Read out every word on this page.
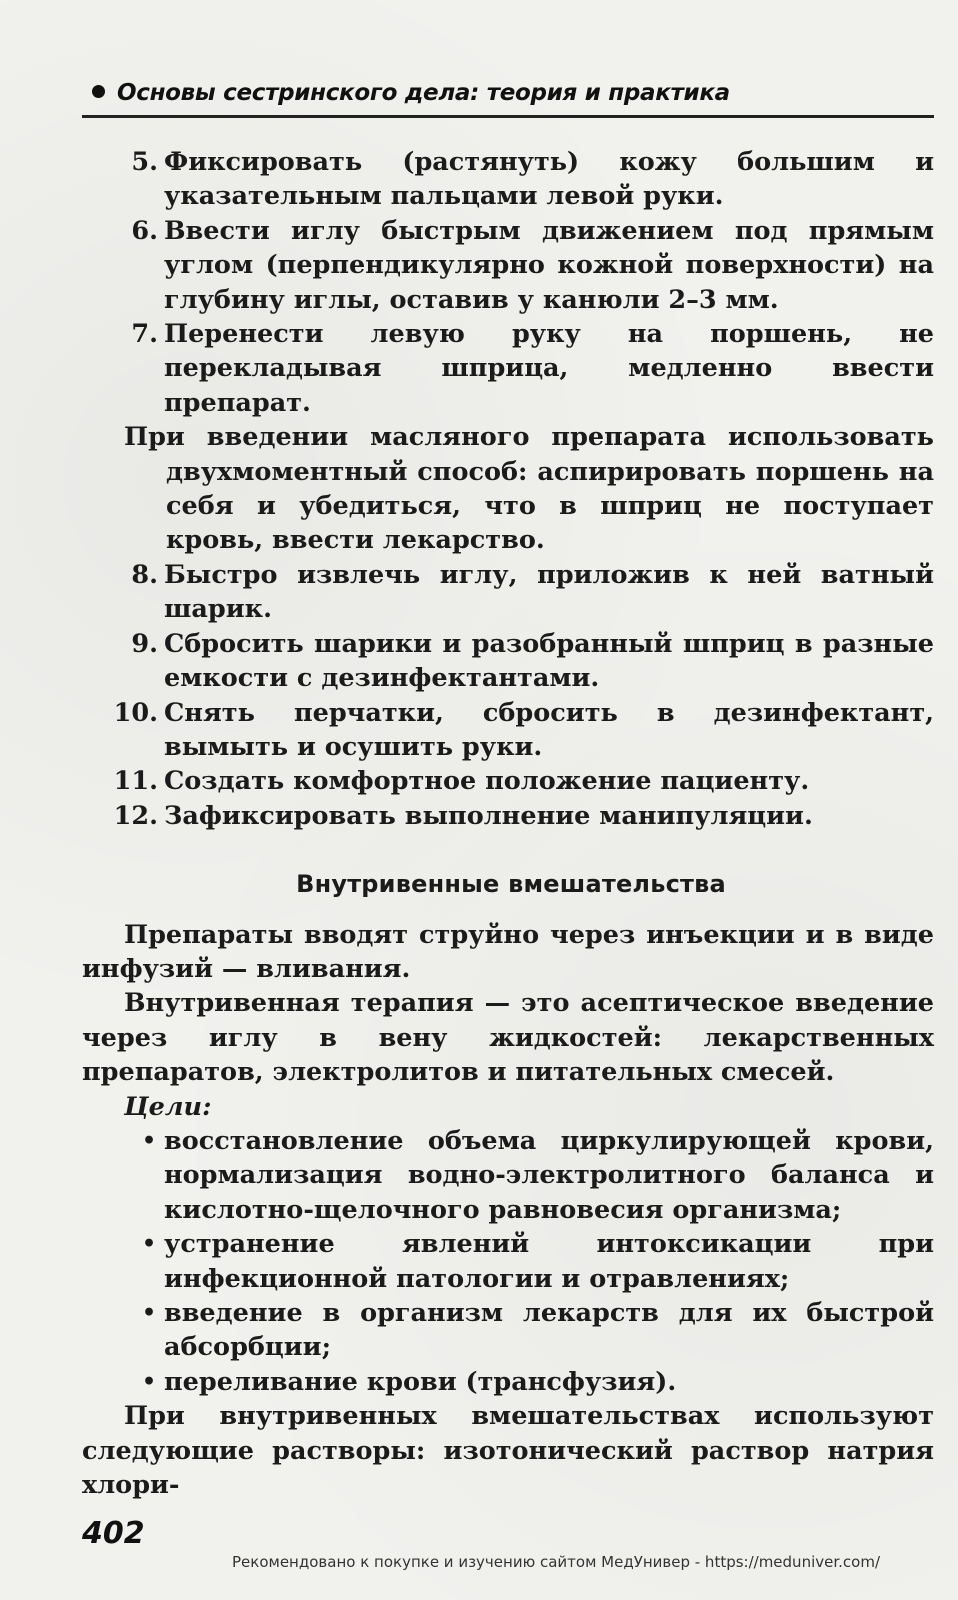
Основы сестринского дела: теория и практика
5. Фиксировать (растянуть) кожу большим и указательным пальцами левой руки.
6. Ввести иглу быстрым движением под прямым углом (перпендикулярно кожной поверхности) на глубину иглы, оставив у канюли 2–3 мм.
7. Перенести левую руку на поршень, не перекладывая шприца, медленно ввести препарат.

При введении масляного препарата использовать двухмоментный способ: аспирировать поршень на себя и убедиться, что в шприц не поступает кровь, ввести лекарство.

8. Быстро извлечь иглу, приложив к ней ватный шарик.
9. Сбросить шарики и разобранный шприц в разные емкости с дезинфектантами.
10. Снять перчатки, сбросить в дезинфектант, вымыть и осушить руки.
11. Создать комфортное положение пациенту.
12. Зафиксировать выполнение манипуляции.
Внутривенные вмешательства

Препараты вводят струйно через инъекции и в виде инфузий — вливания.

Внутривенная терапия — это асептическое введение через иглу в вену жидкостей: лекарственных препаратов, электролитов и питательных смесей.

Цели:

• восстановление объема циркулирующей крови, нормализация водно-электролитного баланса и кислотно-щелочного равновесия организма;
• устранение явлений интоксикации при инфекционной патологии и отравлениях;
• введение в организм лекарств для их быстрой абсорбции;
• переливание крови (трансфузия).

При внутривенных вмешательствах используют следующие растворы: изотонический раствор натрия хлори-

402
Рекомендовано к покупке и изучению сайтом МедУнивер - https://meduniver.com/
